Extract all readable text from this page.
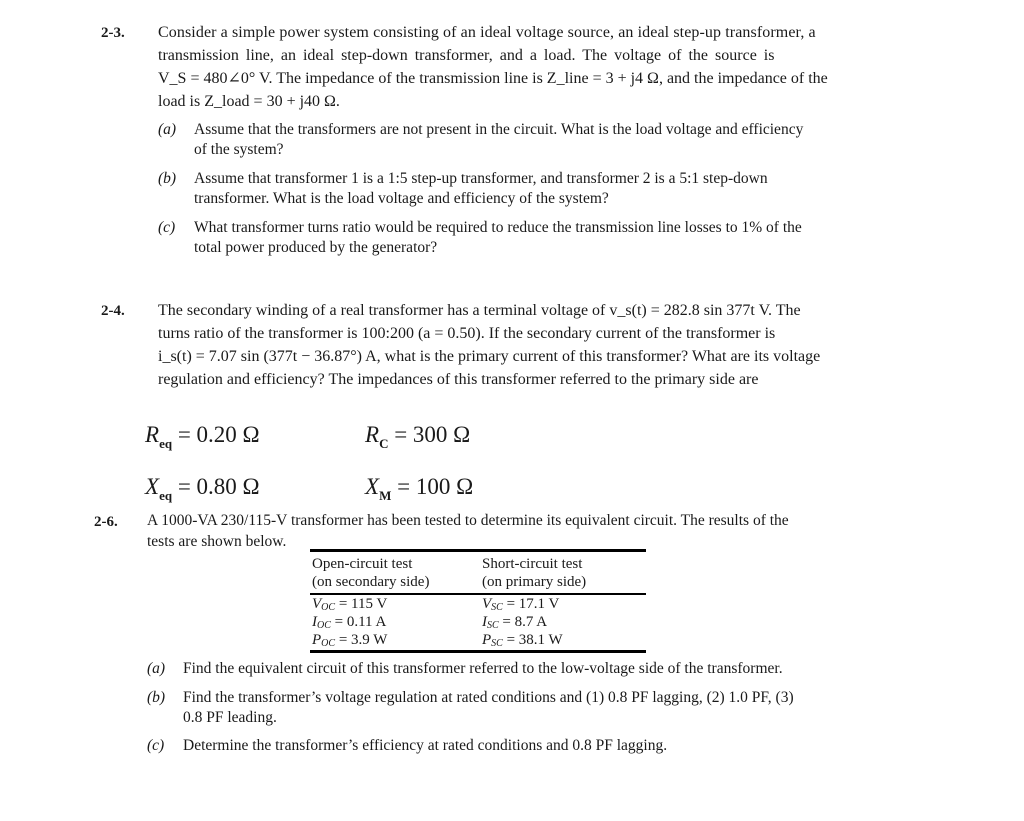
2-3. Consider a simple power system consisting of an ideal voltage source, an ideal step-up transformer, a
transmission line, an ideal step-down transformer, and a load. The voltage of the source is
V_S = 480∠0° V. The impedance of the transmission line is Z_line = 3 + j4 Ω, and the impedance of the
load is Z_load = 30 + j40 Ω.
(a) Assume that the transformers are not present in the circuit. What is the load voltage and efficiency
of the system?
(b) Assume that transformer 1 is a 1:5 step-up transformer, and transformer 2 is a 5:1 step-down
transformer. What is the load voltage and efficiency of the system?
(c) What transformer turns ratio would be required to reduce the transmission line losses to 1% of the
total power produced by the generator?
2-4. The secondary winding of a real transformer has a terminal voltage of v_s(t) = 282.8 sin 377t V. The
turns ratio of the transformer is 100:200 (a = 0.50). If the secondary current of the transformer is
i_s(t) = 7.07 sin (377t − 36.87°) A, what is the primary current of this transformer? What are its voltage
regulation and efficiency? The impedances of this transformer referred to the primary side are
$R_{eq} = 0.20$ Ω	$R_C = 300$ Ω
$X_{eq} = 0.80$ Ω	$X_M = 100$ Ω
2-6. A 1000-VA 230/115-V transformer has been tested to determine its equivalent circuit. The results of the
tests are shown below.
Open-circuit test
(on secondary side)
Short-circuit test
(on primary side)
$V_{OC} = 115$ V
$I_{OC} = 0.11$ A
$P_{OC} = 3.9$ W
$V_{SC} = 17.1$ V
$I_{SC} = 8.7$ A
$P_{SC} = 38.1$ W
(a) Find the equivalent circuit of this transformer referred to the low-voltage side of the transformer.
(b) Find the transformer’s voltage regulation at rated conditions and (1) 0.8 PF lagging, (2) 1.0 PF, (3)
0.8 PF leading.
(c) Determine the transformer’s efficiency at rated conditions and 0.8 PF lagging.
